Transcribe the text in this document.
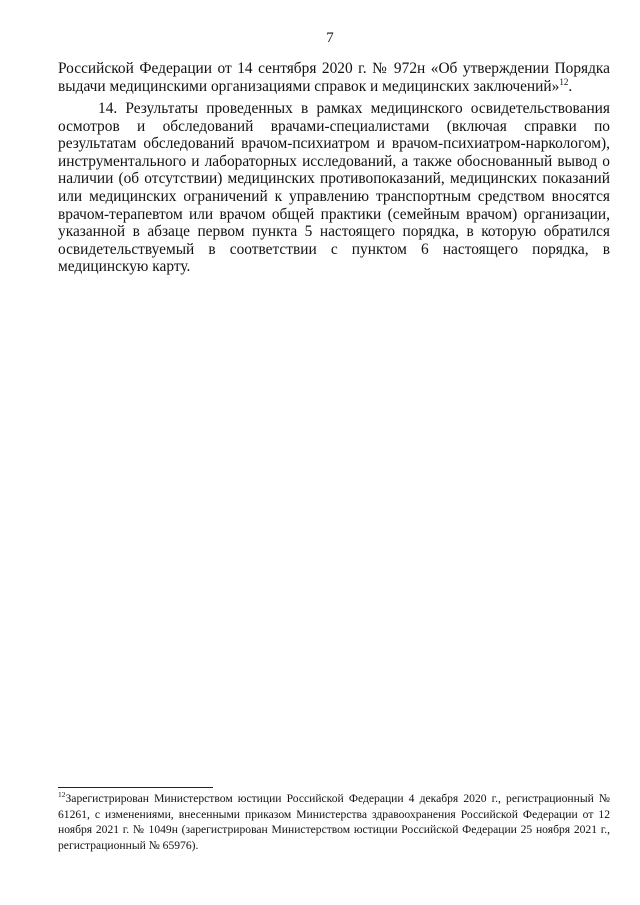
7

Российской Федерации от 14 сентября 2020 г. № 972н «Об утверждении Порядка выдачи медицинскими организациями справок и медицинских заключений»$^{12}$.

14. Результаты проведенных в рамках медицинского освидетельствования осмотров и обследований врачами-специалистами (включая справки по результатам обследований врачом-психиатром и врачом-психиатром-наркологом), инструментального и лабораторных исследований, а также обоснованный вывод о наличии (об отсутствии) медицинских противопоказаний, медицинских показаний или медицинских ограничений к управлению транспортным средством вносятся врачом-терапевтом или врачом общей практики (семейным врачом) организации, указанной в абзаце первом пункта 5 настоящего порядка, в которую обратился освидетельствуемый в соответствии с пунктом 6 настоящего порядка, в медицинскую карту.

$^{12}$Зарегистрирован Министерством юстиции Российской Федерации 4 декабря 2020 г., регистрационный № 61261, с изменениями, внесенными приказом Министерства здравоохранения Российской Федерации от 12 ноября 2021 г. № 1049н (зарегистрирован Министерством юстиции Российской Федерации 25 ноября 2021 г., регистрационный № 65976).
